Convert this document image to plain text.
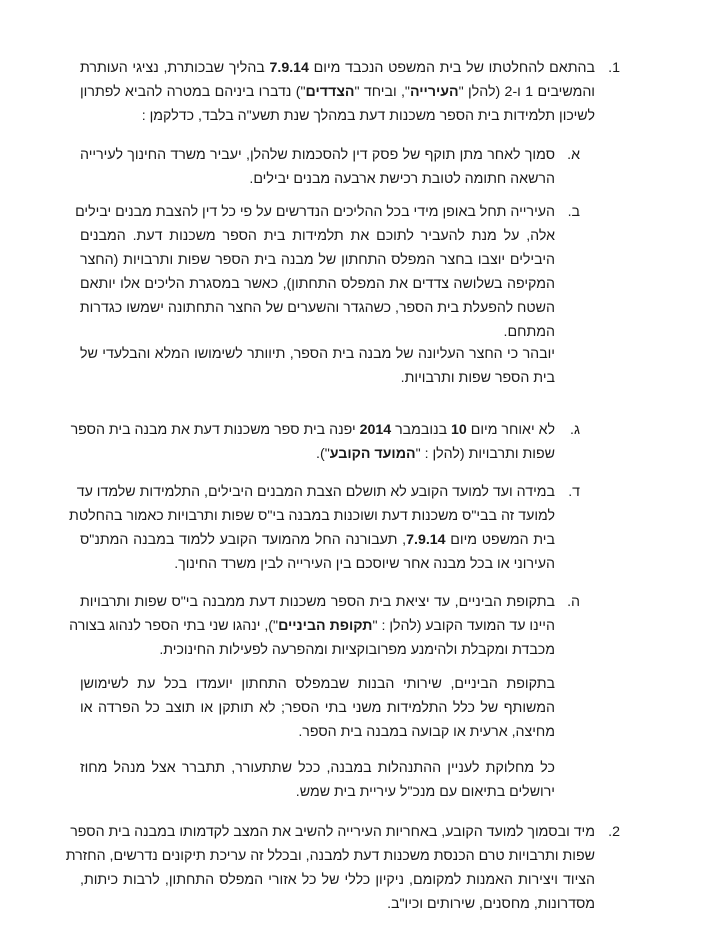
1.
בהתאם להחלטתו של בית המשפט הנכבד מיום 7.9.14 בהליך שבכותרת, נציגי העותרת
והמשיבים 1 ו-2 (להלן "העירייה", וביחד "הצדדים") נדברו ביניהם במטרה להביא לפתרון
לשיכון תלמידות בית הספר משכנות דעת במהלך שנת תשע"ה בלבד, כדלקמן :
א.
סמוך לאחר מתן תוקף של פסק דין להסכמות שלהלן, יעביר משרד החינוך לעירייה
הרשאה חתומה לטובת רכישת ארבעה מבנים יבילים.
ב.
העירייה תחל באופן מידי בכל ההליכים הנדרשים על פי כל דין להצבת מבנים יבילים
אלה, על מנת להעביר לתוכם את תלמידות בית הספר משכנות דעת. המבנים
היבילים יוצבו בחצר המפלס התחתון של מבנה בית הספר שפות ותרבויות (החצר
המקיפה בשלושה צדדים את המפלס התחתון), כאשר במסגרת הליכים אלו יותאם
השטח להפעלת בית הספר, כשהגדר והשערים של החצר התחתונה ישמשו כגדרות
המתחם.
יובהר כי החצר העליונה של מבנה בית הספר, תיוותר לשימושו המלא והבלעדי של
בית הספר שפות ותרבויות.
ג.
לא יאוחר מיום 10 בנובמבר 2014 יפנה בית ספר משכנות דעת את מבנה בית הספר
שפות ותרבויות (להלן : "המועד הקובע").
ד.
במידה ועד למועד הקובע לא תושלם הצבת המבנים היבילים, התלמידות שלמדו עד
למועד זה בבי"ס משכנות דעת ושוכנות במבנה בי"ס שפות ותרבויות כאמור בהחלטת
בית המשפט מיום 7.9.14, תעבורנה החל מהמועד הקובע ללמוד במבנה המתנ"ס
העירוני או בכל מבנה אחר שיוסכם בין העירייה לבין משרד החינוך.
ה.
בתקופת הביניים, עד יציאת בית הספר משכנות דעת ממבנה בי"ס שפות ותרבויות
היינו עד המועד הקובע (להלן : "תקופת הביניים"), ינהגו שני בתי הספר לנהוג בצורה
מכבדת ומקבלת ולהימנע מפרובוקציות ומהפרעה לפעילות החינוכית.
בתקופת הביניים, שירותי הבנות שבמפלס התחתון יועמדו בכל עת לשימושן
המשותף של כלל התלמידות משני בתי הספר; לא תותקן או תוצב כל הפרדה או
מחיצה, ארעית או קבועה במבנה בית הספר.
כל מחלוקת לעניין ההתנהלות במבנה, ככל שתתעורר, תתברר אצל מנהל מחוז
ירושלים בתיאום עם מנכ"ל עיריית בית שמש.
2.
מיד ובסמוך למועד הקובע, באחריות העירייה להשיב את המצב לקדמותו במבנה בית הספר
שפות ותרבויות טרם הכנסת משכנות דעת למבנה, ובכלל זה עריכת תיקונים נדרשים, החזרת
הציוד ויצירות האמנות למקומם, ניקיון כללי של כל אזורי המפלס התחתון, לרבות כיתות,
מסדרונות, מחסנים, שירותים וכיו"ב.
